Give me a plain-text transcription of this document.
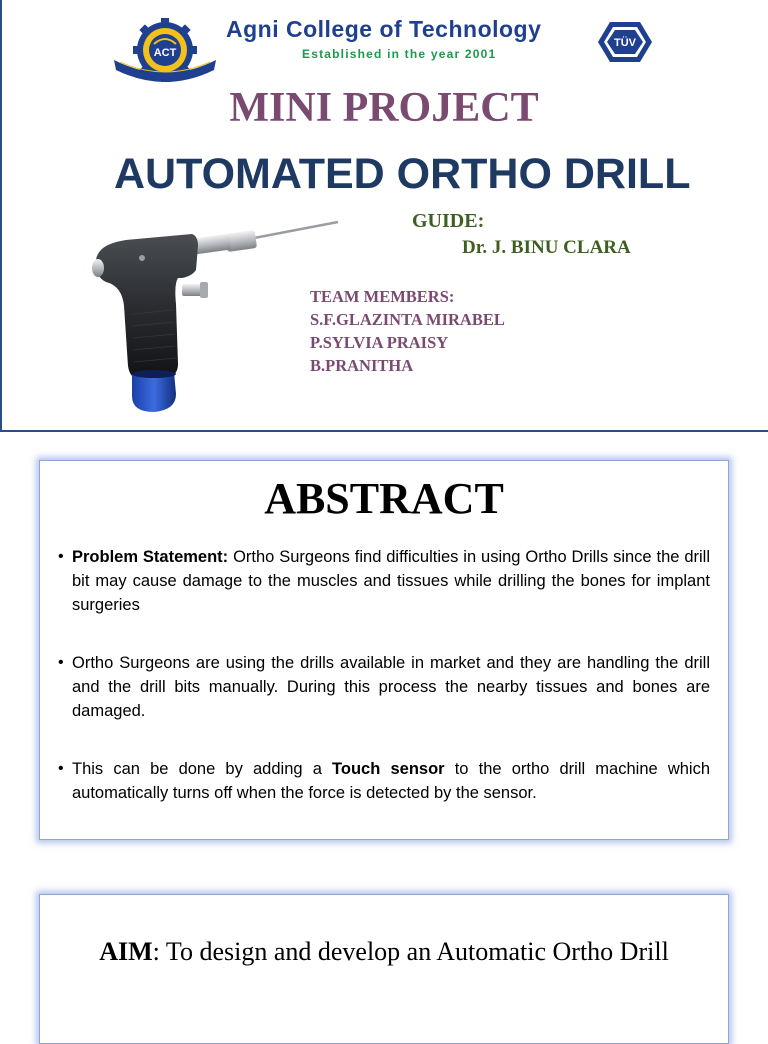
ACT
Agni College of Technology
Established in the year 2001
TÜV
MINI PROJECT
AUTOMATED ORTHO DRILL
GUIDE:
Dr. J. BINU CLARA
TEAM MEMBERS:
S.F.GLAZINTA MIRABEL
P.SYLVIA PRAISY
B.PRANITHA
ABSTRACT
• Problem Statement: Ortho Surgeons find difficulties in using Ortho Drills since the drill bit may cause damage to the muscles and tissues while drilling the bones for implant surgeries
• Ortho Surgeons are using the drills available in market and they are handling the drill and the drill bits manually. During this process the nearby tissues and bones are damaged.
• This can be done by adding a Touch sensor to the ortho drill machine which automatically turns off when the force is detected by the sensor.
AIM: To design and develop an Automatic Ortho Drill
